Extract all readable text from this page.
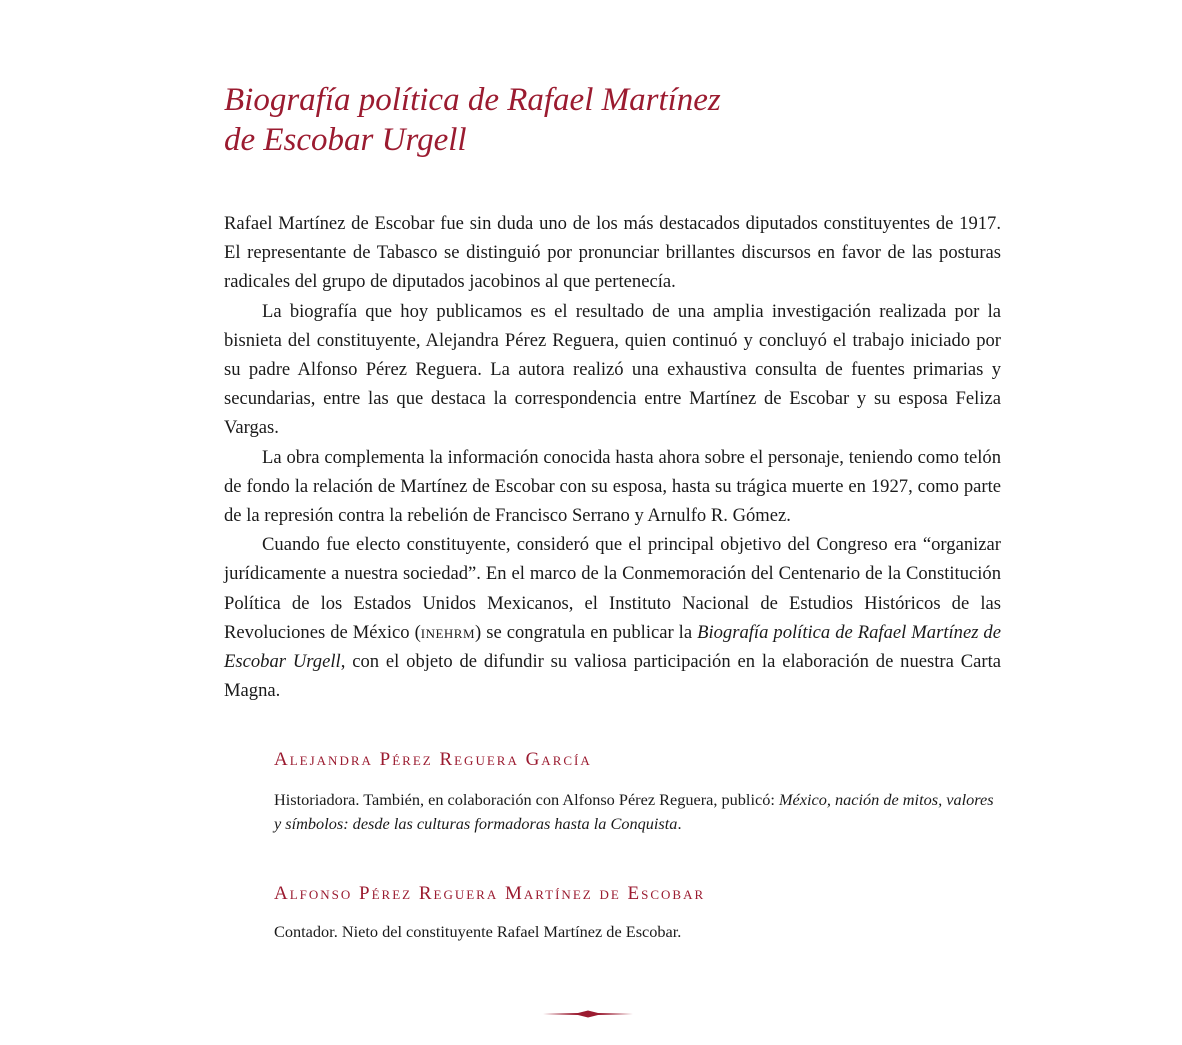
Biografía política de Rafael Martínez
de Escobar Urgell

Rafael Martínez de Escobar fue sin duda uno de los más destacados diputados constituyentes de 1917. El representante de Tabasco se distinguió por pronunciar brillantes discursos en favor de las posturas radicales del grupo de diputados jacobinos al que pertenecía.

La biografía que hoy publicamos es el resultado de una amplia investigación realizada por la bisnieta del constituyente, Alejandra Pérez Reguera, quien continuó y concluyó el trabajo iniciado por su padre Alfonso Pérez Reguera. La autora realizó una exhaustiva consulta de fuentes primarias y secundarias, entre las que destaca la correspondencia entre Martínez de Escobar y su esposa Feliza Vargas.

La obra complementa la información conocida hasta ahora sobre el personaje, teniendo como telón de fondo la relación de Martínez de Escobar con su esposa, hasta su trágica muerte en 1927, como parte de la represión contra la rebelión de Francisco Serrano y Arnulfo R. Gómez.

Cuando fue electo constituyente, consideró que el principal objetivo del Congreso era “organizar jurídicamente a nuestra sociedad”. En el marco de la Conmemoración del Centenario de la Constitución Política de los Estados Unidos Mexicanos, el Instituto Nacional de Estudios Históricos de las Revoluciones de México (inehrm) se congratula en publicar la Biografía política de Rafael Martínez de Escobar Urgell, con el objeto de difundir su valiosa participación en la elaboración de nuestra Carta Magna.

Alejandra Pérez Reguera García

Historiadora. También, en colaboración con Alfonso Pérez Reguera, publicó: México, nación de mitos, valores y símbolos: desde las culturas formadoras hasta la Conquista.

Alfonso Pérez Reguera Martínez de Escobar

Contador. Nieto del constituyente Rafael Martínez de Escobar.
